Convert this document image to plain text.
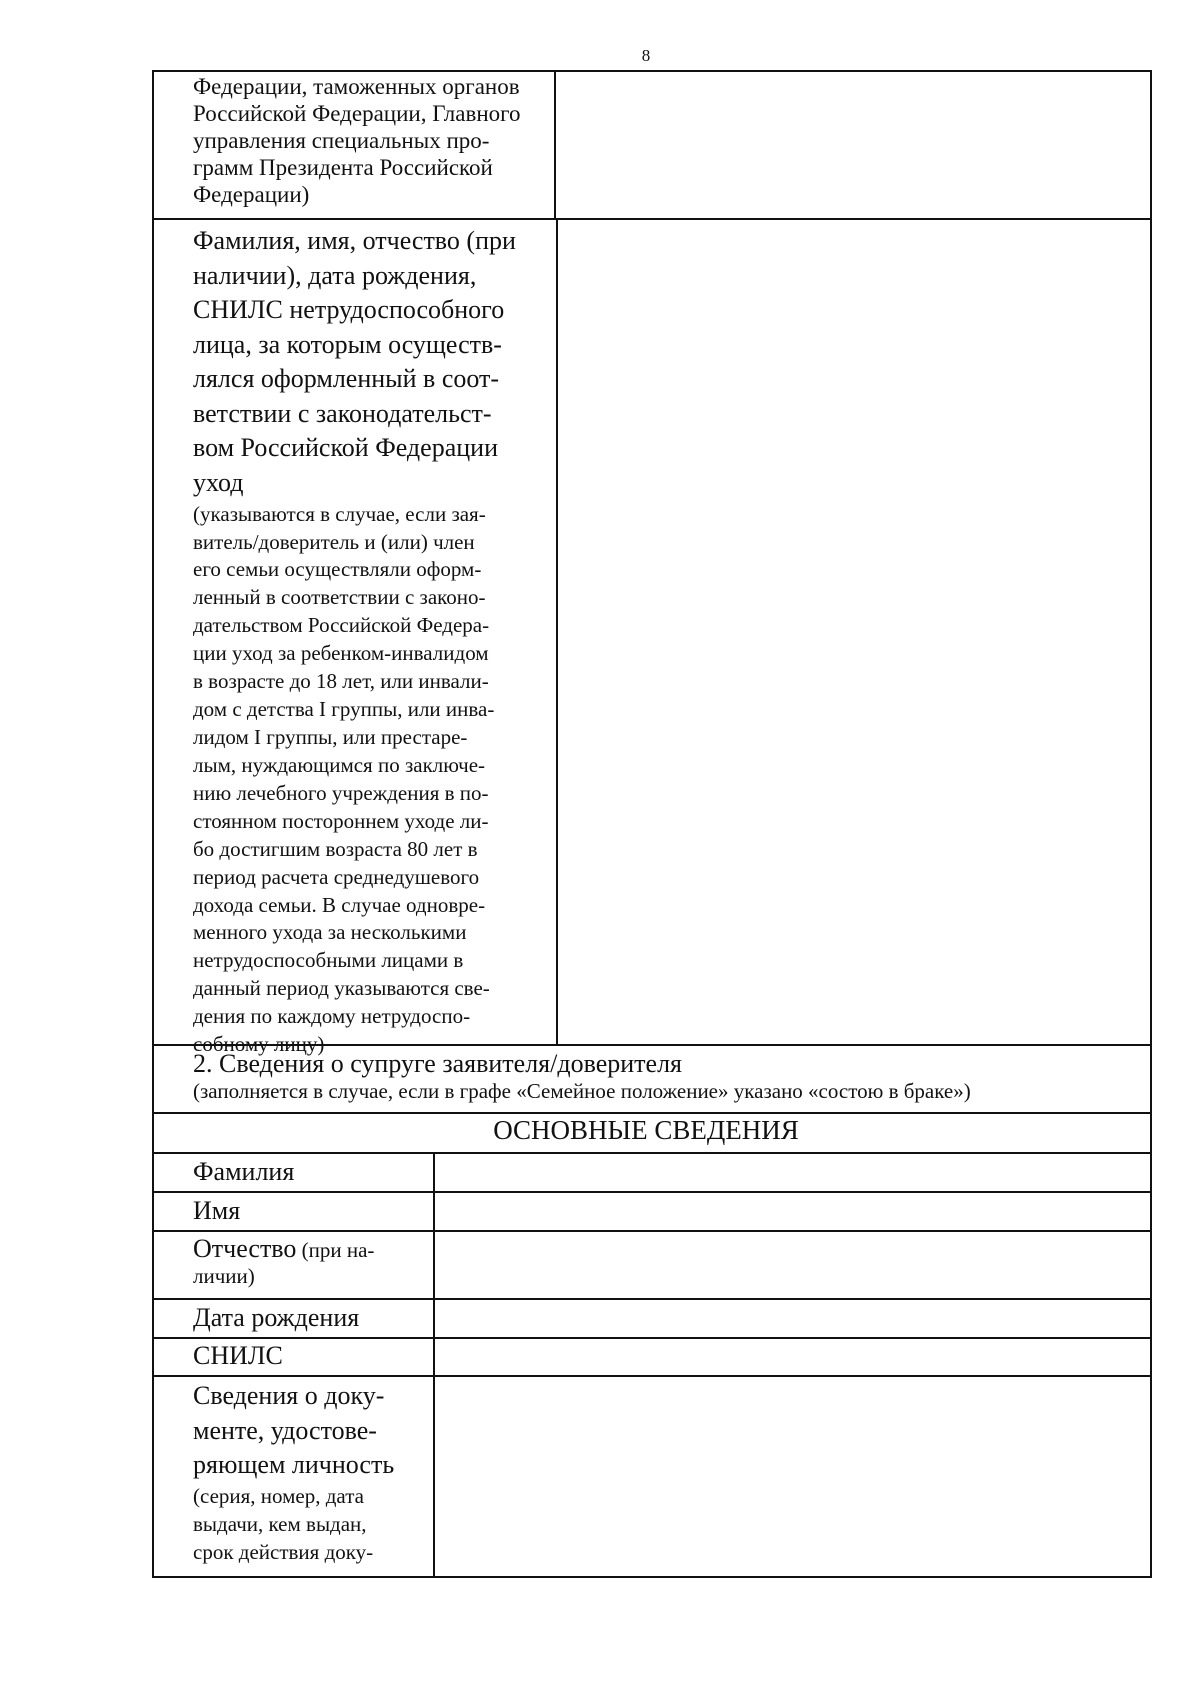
8
Федерации, таможенных органов
Российской Федерации, Главного
управления специальных про-
грамм Президента Российской
Федерации)
Фамилия, имя, отчество (при
наличии), дата рождения,
СНИЛС нетрудоспособного
лица, за которым осуществ-
лялся оформленный в соот-
ветствии с законодательст-
вом Российской Федерации
уход
(указываются в случае, если зая-
витель/доверитель и (или) член
его семьи осуществляли оформ-
ленный в соответствии с законо-
дательством Российской Федера-
ции уход за ребенком-инвалидом
в возрасте до 18 лет, или инвали-
дом с детства I группы, или инва-
лидом I группы, или престаре-
лым, нуждающимся по заключе-
нию лечебного учреждения в по-
стоянном постороннем уходе ли-
бо достигшим возраста 80 лет в
период расчета среднедушевого
дохода семьи. В случае одновре-
менного ухода за несколькими
нетрудоспособными лицами в
данный период указываются све-
дения по каждому нетрудоспо-
собному лицу)
2. Сведения о супруге заявителя/доверителя
(заполняется в случае, если в графе «Семейное положение» указано «состою в браке»)
ОСНОВНЫЕ СВЕДЕНИЯ
Фамилия
Имя
Отчество (при на-
личии)
Дата рождения
СНИЛС
Сведения о доку-
менте, удостове-
ряющем личность
(серия, номер, дата
выдачи, кем выдан,
срок действия доку-
